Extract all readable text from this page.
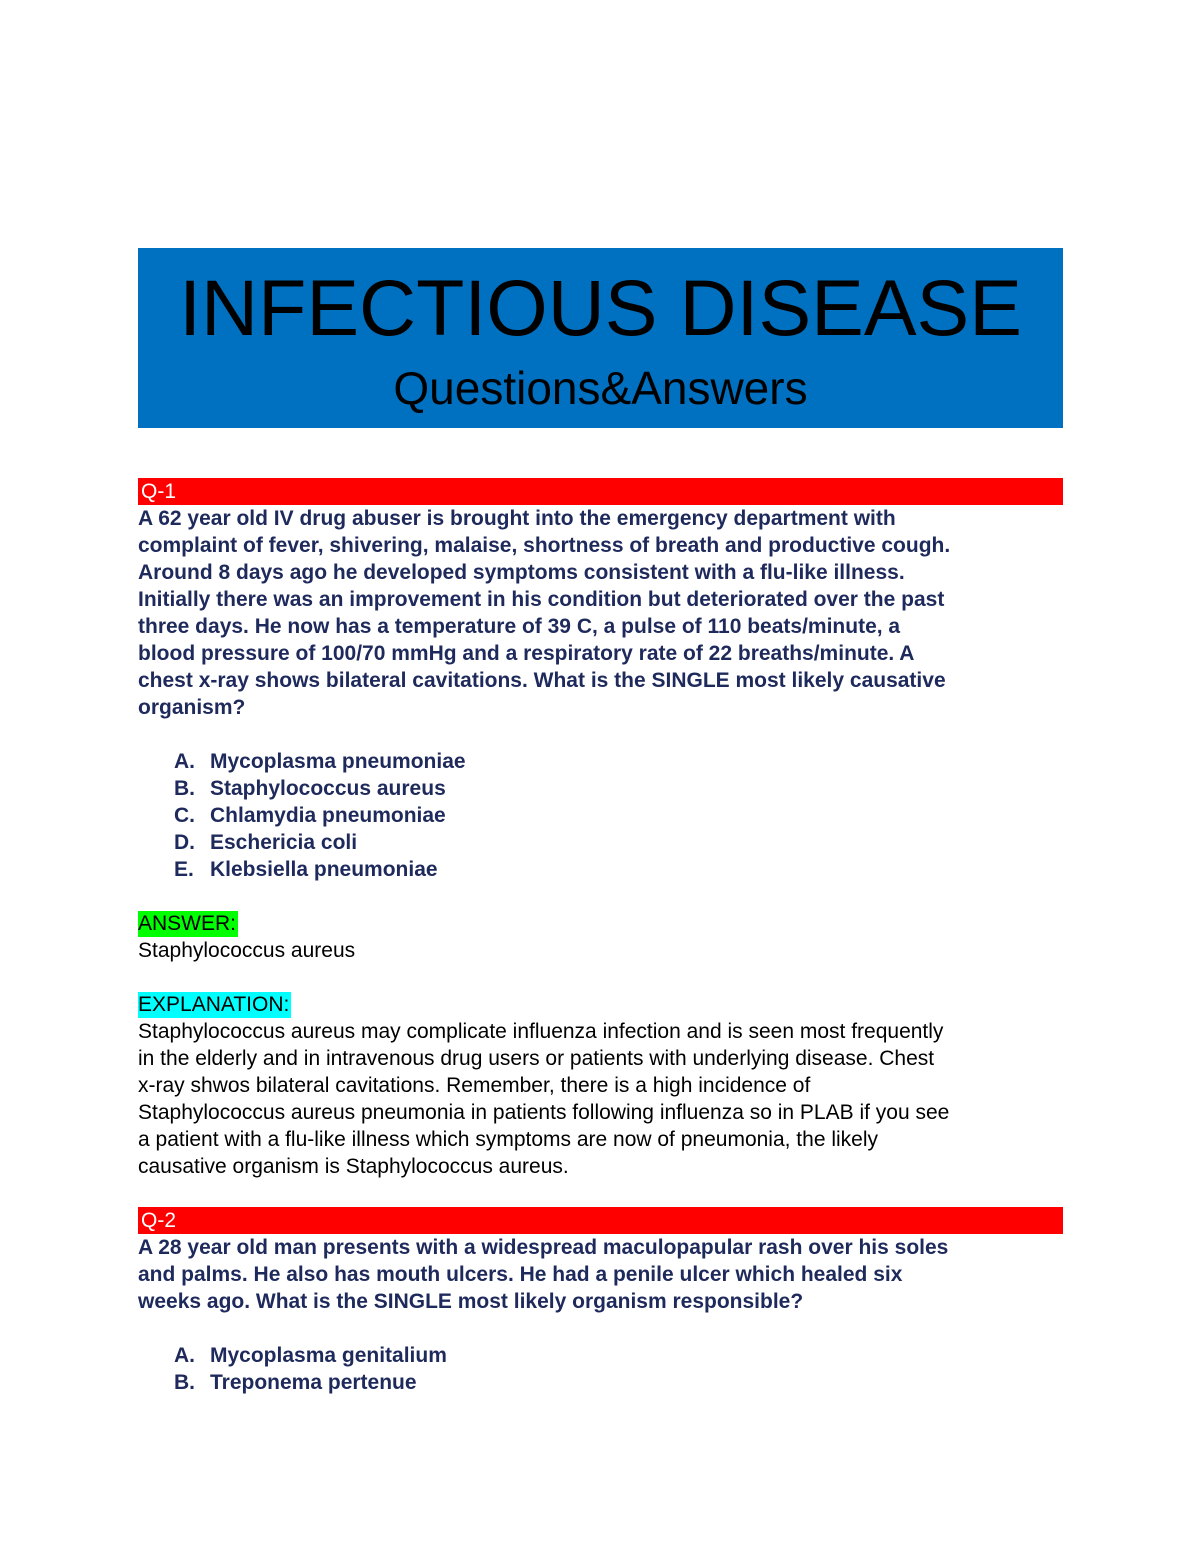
INFECTIOUS DISEASE
Questions&Answers
Q-1
A 62 year old IV drug abuser is brought into the emergency department with
complaint of fever, shivering, malaise, shortness of breath and productive cough.
Around 8 days ago he developed symptoms consistent with a flu-like illness.
Initially there was an improvement in his condition but deteriorated over the past
three days. He now has a temperature of 39 C, a pulse of 110 beats/minute, a
blood pressure of 100/70 mmHg and a respiratory rate of 22 breaths/minute. A
chest x-ray shows bilateral cavitations. What is the SINGLE most likely causative
organism?
A. Mycoplasma pneumoniae
B. Staphylococcus aureus
C. Chlamydia pneumoniae
D. Eschericia coli
E. Klebsiella pneumoniae
ANSWER:
Staphylococcus aureus
EXPLANATION:
Staphylococcus aureus may complicate influenza infection and is seen most frequently
in the elderly and in intravenous drug users or patients with underlying disease. Chest
x-ray shwos bilateral cavitations. Remember, there is a high incidence of
Staphylococcus aureus pneumonia in patients following influenza so in PLAB if you see
a patient with a flu-like illness which symptoms are now of pneumonia, the likely
causative organism is Staphylococcus aureus.
Q-2
A 28 year old man presents with a widespread maculopapular rash over his soles
and palms. He also has mouth ulcers. He had a penile ulcer which healed six
weeks ago. What is the SINGLE most likely organism responsible?
A. Mycoplasma genitalium
B. Treponema pertenue
